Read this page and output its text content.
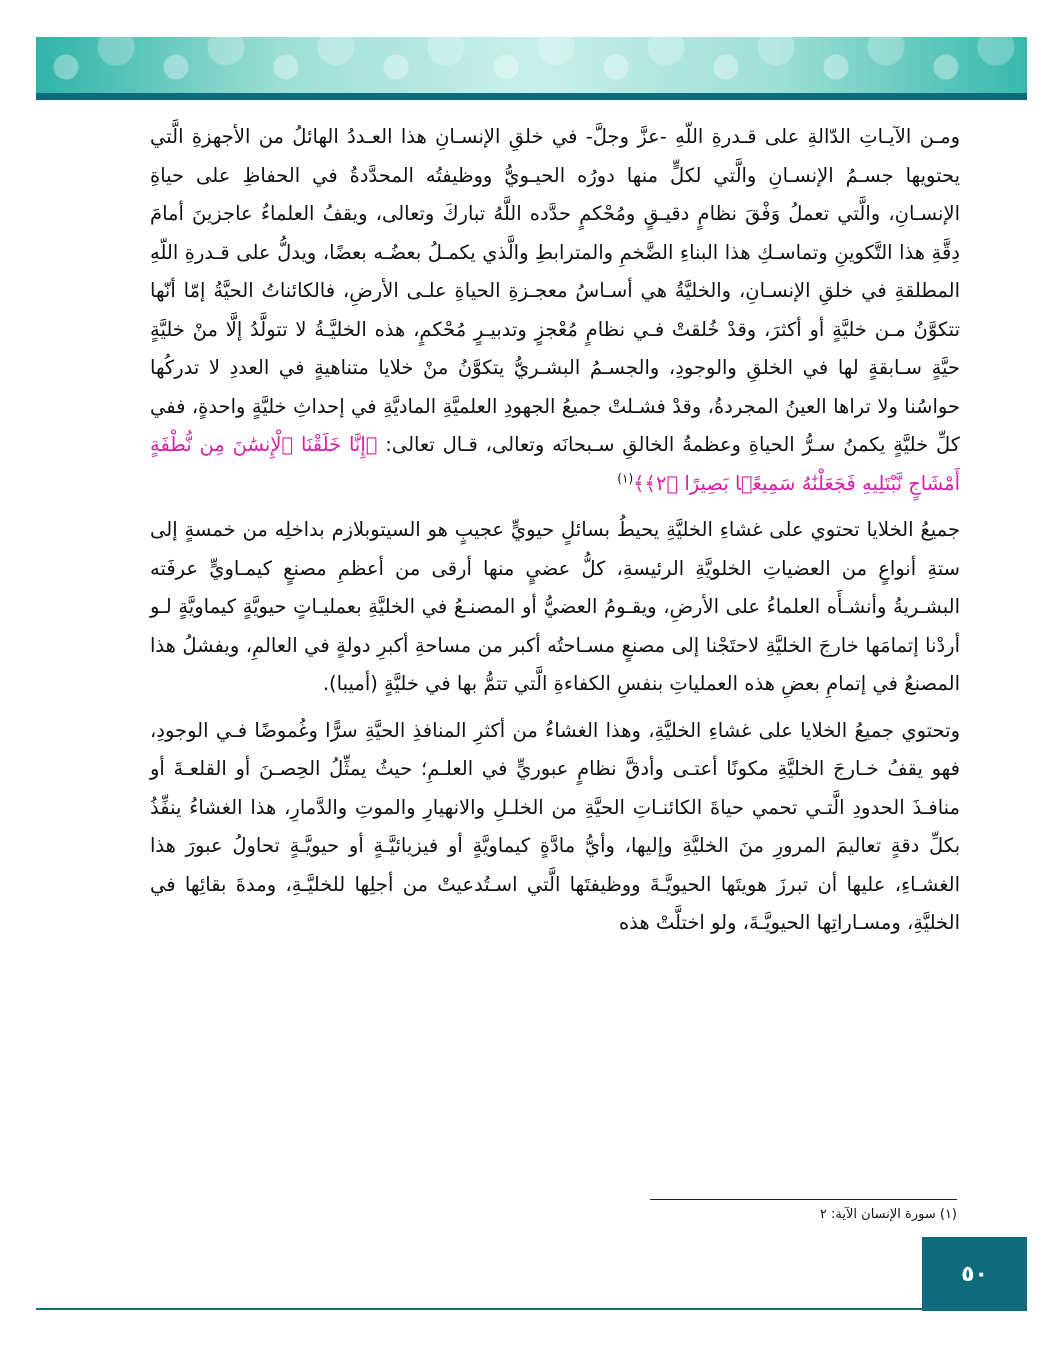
ومـن الآيـاتِ الدّالةِ على قـدرةِ اللّهِ -عزَّ وجلَّ- في خلقِ الإنسـانِ هذا العـددُ الهائلُ من الأجهزةِ الَّتي يحتويها جسـمُ الإنسـانِ والَّتي لكلٍّ منها دورُه الحيـويُّ ووظيفتُه المحدَّدةُ في الحفاظِ على حياةِ الإنسـانِ، والَّتي تعملُ وَفْقَ نظامٍ دقيـقٍ ومُحْكمٍ حدَّده اللَّهُ تباركَ وتعالى، ويقفُ العلماءُ عاجزينَ أمامَ دِقَّةِ هذا التَّكوينِ وتماسـكِ هذا البناءِ الضَّخمِ والمترابطِ والَّذي يكمـلُ بعضُـه بعضًا، ويدلُّ على قـدرةِ اللّهِ المطلقةِ في خلقِ الإنسـانِ، والخليَّةُ هي أسـاسُ معجـزةِ الحياةِ علـى الأرضِ، فالكائناتُ الحيَّةُ إمّا أنّها تتكوَّنُ مـن خليَّةٍ أو أكثرَ، وقدْ خُلقتْ فـي نظامٍ مُعْجزٍ وتدبيـرٍ مُحْكمٍ، هذه الخليَّـةُ لا تتولَّدُ إلَّا منْ خليَّةٍ حيَّةٍ سـابقةٍ لها في الخلقِ والوجودِ، والجسـمُ البشـريُّ يتكوَّنُ منْ خلايا متناهيةٍ في العددِ لا تدركُها حواسُنا ولا تراها العينُ المجردةُ، وقدْ فشـلتْ جميعُ الجهودِ العلميَّةِ الماديَّةِ في إحداثِ خليَّةٍ واحدةٍ، ففي كلِّ خليَّةٍ يكمنُ سـرُّ الحياةِ وعظمةُ الخالقِ سـبحانَه وتعالى، قـال تعالى: ﴿إِنَّا خَلَقْنَا ٱلْإِنسَٰنَ مِن نُّطْفَةٍ أَمْشَاجٍ نَّبْتَلِيهِ فَجَعَلْنَٰهُ سَمِيعًۢا بَصِيرًا ﴿٢﴾﴾$^{(١)}$

جميعُ الخلايا تحتوي على غشاءِ الخليَّةِ يحيطُ بسائلٍ حيويٍّ عجيبٍ هو السيتوبلازم بداخلِه من خمسةٍ إلى ستةِ أنواعٍ من العضياتِ الخلويَّةِ الرئيسةِ، كلُّ عضيٍ منها أرقى من أعظمِ مصنعٍ كيمـاويٍّ عرفَته البشـريةُ وأنشـأَه العلماءُ على الأرضِ، ويقـومُ العضيُّ أو المصنـعُ في الخليَّةِ بعمليـاتٍ حيويَّةٍ كيماويَّةٍ لـو أردْنا إتمامَها خارجَ الخليَّةِ لاحتَجْنا إلى مصنعٍ مسـاحتُه أكبر من مساحةِ أكبرِ دولةٍ في العالمِ، ويفشلُ هذا المصنعُ في إتمامِ بعضِ هذه العملياتِ بنفسِ الكفاءةِ الَّتي تتمُّ بها في خليَّةٍ (أميبا).

وتحتوي جميعُ الخلايا على غشاءِ الخليَّةِ، وهذا الغشاءُ من أكثرِ المنافذِ الحيَّةِ سرًّا وغُموضًا فـي الوجودِ، فهو يقفُ خـارجَ الخليَّةِ مكونًا أعتـى وأدقَّ نظامٍ عبوريٍّ في العلـمِ؛ حيثُ يمثِّلُ الحِصـنَ أو القلعـةَ أو منافـذَ الحدودِ الَّتـي تحمي حياةَ الكائنـاتِ الحيَّةِ من الخلـلِ والانهيارِ والموتِ والدَّمارِ، هذا الغشاءُ ينفِّذُ بكلِّ دقةٍ تعاليمَ المرورِ منَ الخليَّةِ وإليها، وأيُّ مادَّةٍ كيماويَّةٍ أو فيزيائيَّـةٍ أو حيويَّـةٍ تحاولُ عبورَ هذا الغشـاءِ، عليها أن تبرزَ هويتَها الحيويَّـةَ ووظيفتَها الَّتي اسـتُدعيتْ من أجلِها للخليَّـةِ، ومدةَ بقائِها في الخليَّةِ، ومسـاراتِها الحيويَّـةَ، ولو اختلَّتْ هذه

(١) سورة الإنسان الآية: ٢
٥٠
